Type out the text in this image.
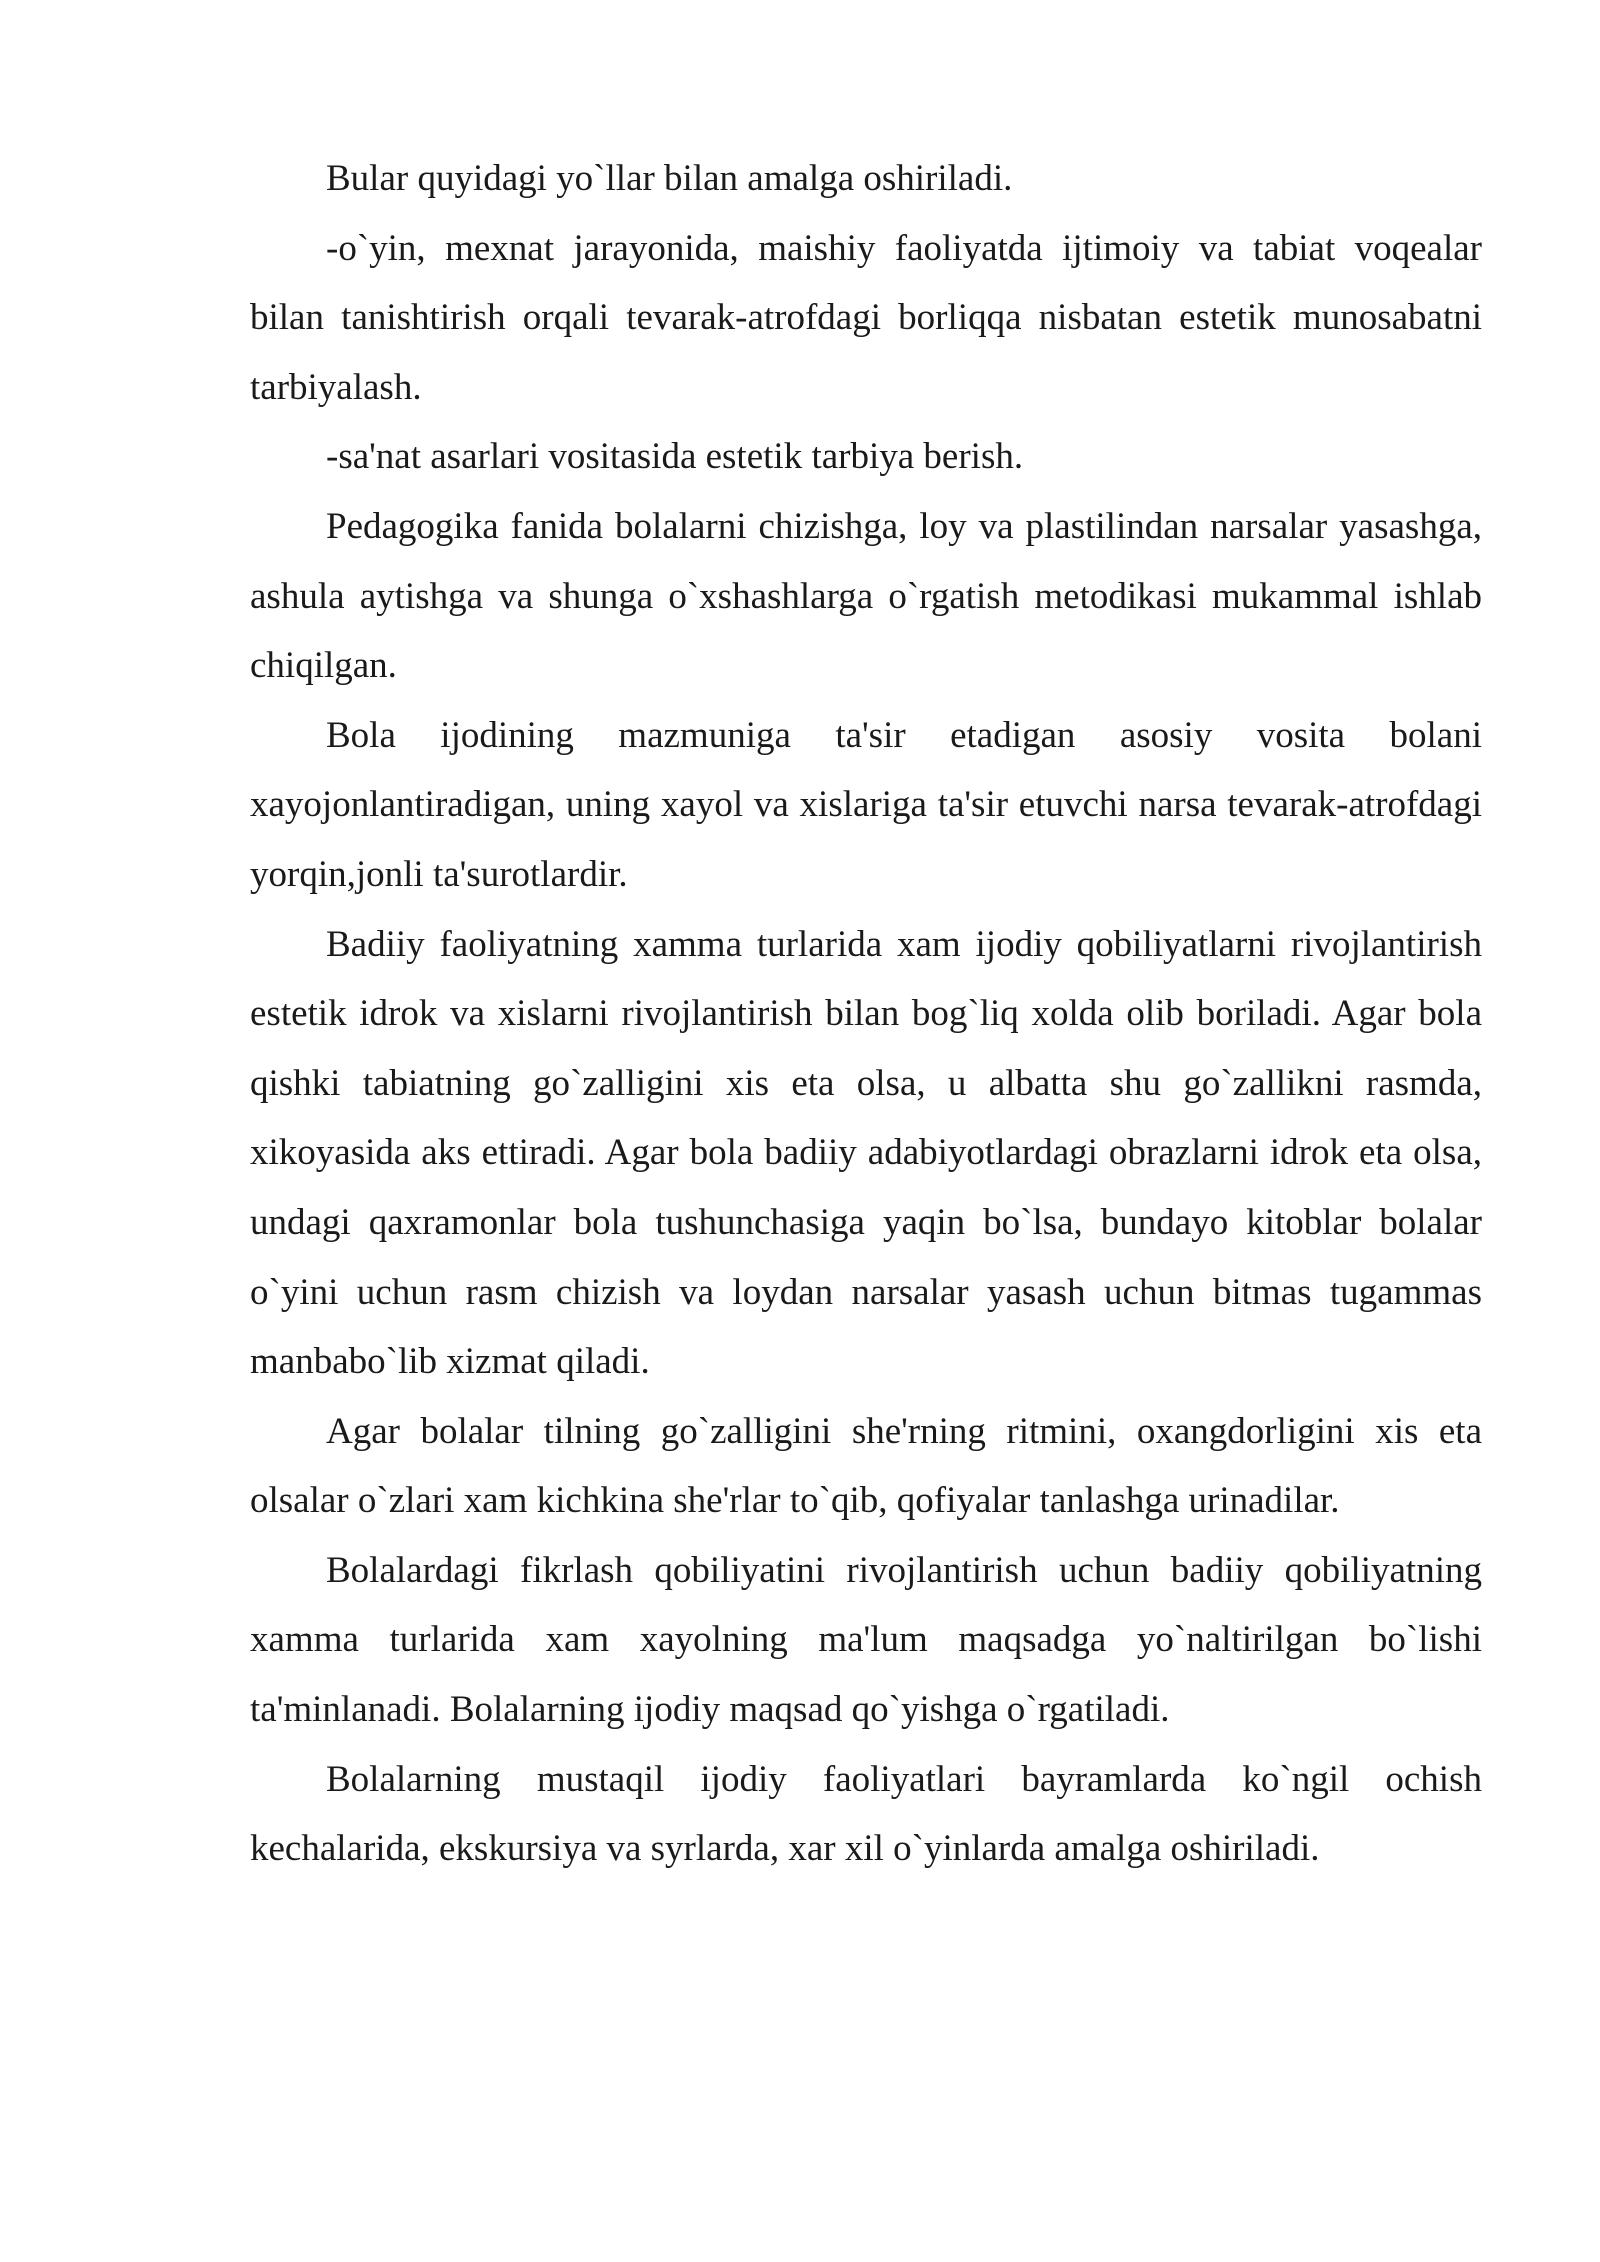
Bular quyidagi yo`llar bilan amalga oshiriladi.

-o`yin, mexnat jarayonida, maishiy faoliyatda ijtimoiy va tabiat voqealar bilan tanishtirish orqali tevarak-atrofdagi borliqqa nisbatan estetik munosabatni tarbiyalash.

-sa'nat asarlari vositasida estetik tarbiya berish.

Pedagogika fanida bolalarni chizishga, loy va plastilindan narsalar yasashga, ashula aytishga va shunga o`xshashlarga o`rgatish metodikasi mukammal ishlab chiqilgan.

Bola ijodining mazmuniga ta'sir etadigan asosiy vosita bolani xayojonlantiradigan, uning xayol va xislariga ta'sir etuvchi narsa tevarak-atrofdagi yorqin,jonli ta'surotlardir.

Badiiy faoliyatning xamma turlarida xam ijodiy qobiliyatlarni rivojlantirish estetik idrok va xislarni rivojlantirish bilan bog`liq xolda olib boriladi. Agar bola qishki tabiatning go`zalligini xis eta olsa, u albatta shu go`zallikni rasmda, xikoyasida aks ettiradi. Agar bola badiiy adabiyotlardagi obrazlarni idrok eta olsa, undagi qaxramonlar bola tushunchasiga yaqin bo`lsa, bundayo kitoblar bolalar o`yini uchun rasm chizish va loydan narsalar yasash uchun bitmas tugammas manbabo`lib xizmat qiladi.

Agar bolalar tilning go`zalligini she'rning ritmini, oxangdorligini xis eta olsalar o`zlari xam kichkina she'rlar to`qib, qofiyalar tanlashga urinadilar.

Bolalardagi fikrlash qobiliyatini rivojlantirish uchun badiiy qobiliyatning xamma turlarida xam xayolning ma'lum maqsadga yo`naltirilgan bo`lishi ta'minlanadi. Bolalarning ijodiy maqsad qo`yishga o`rgatiladi.

Bolalarning mustaqil ijodiy faoliyatlari bayramlarda ko`ngil ochish kechalarida, ekskursiya va syrlarda, xar xil o`yinlarda amalga oshiriladi.
